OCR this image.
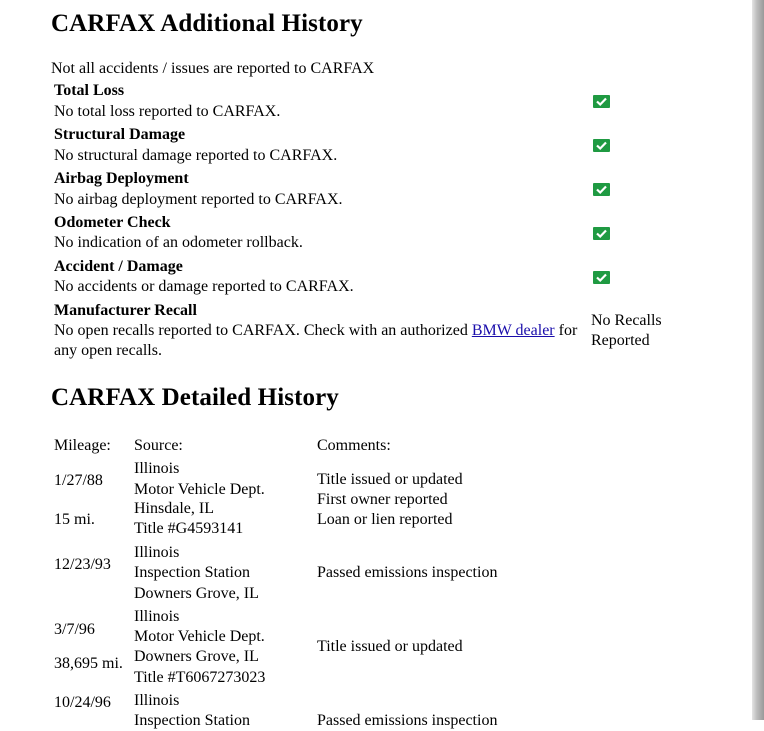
CARFAX Additional History
Not all accidents / issues are reported to CARFAX
Total Loss
No total loss reported to CARFAX.
Structural Damage
No structural damage reported to CARFAX.
Airbag Deployment
No airbag deployment reported to CARFAX.
Odometer Check
No indication of an odometer rollback.
Accident / Damage
No accidents or damage reported to CARFAX.
Manufacturer Recall
No open recalls reported to CARFAX. Check with an authorized BMW dealer for
any open recalls.
No Recalls
Reported
CARFAX Detailed History
Mileage: Source:	Comments:
1/27/88
15 mi.
Illinois
Motor Vehicle Dept.
Hinsdale, IL
Title #G4593141
Title issued or updated
First owner reported
Loan or lien reported
12/23/93
Illinois
Inspection Station
Downers Grove, IL
Passed emissions inspection
3/7/96
38,695 mi.
Illinois
Motor Vehicle Dept.
Downers Grove, IL
Title #T6067273023
Title issued or updated
10/24/96 Illinois
Inspection Station	Passed emissions inspection
